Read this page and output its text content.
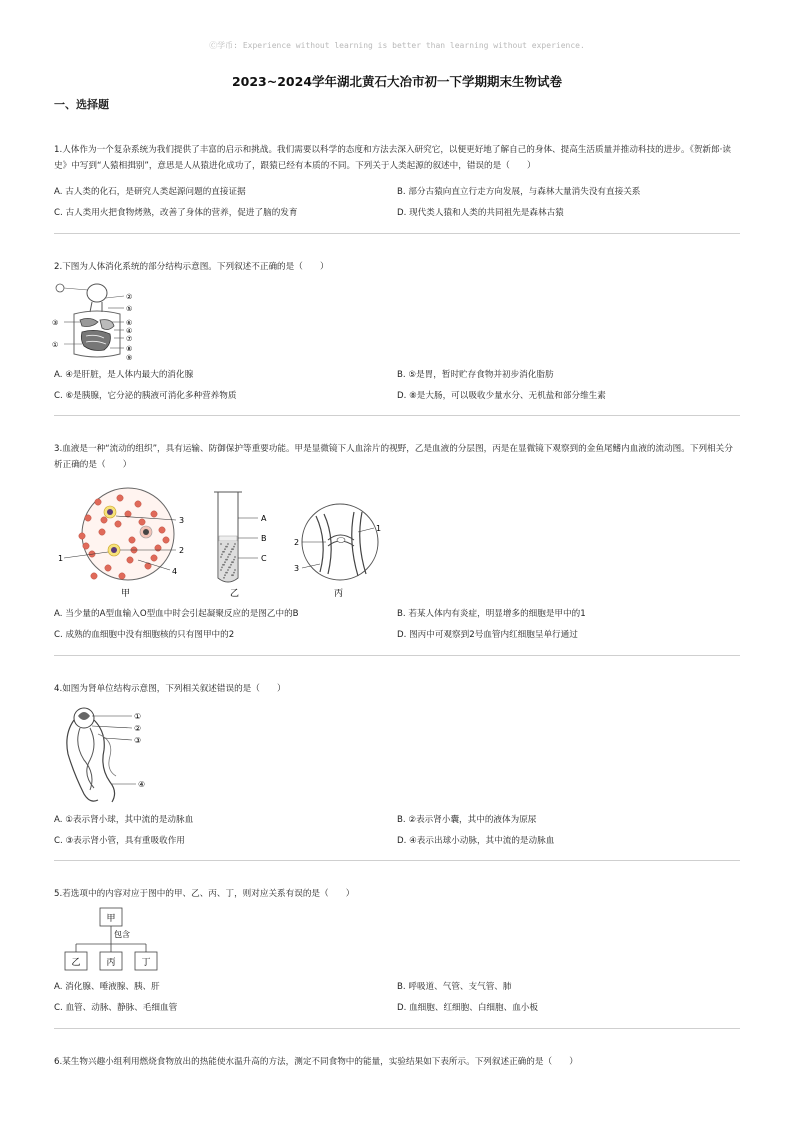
🄫学币: Experience without learning is better than learning without experience.
2023~2024学年湖北黄石大冶市初一下学期期末生物试卷
一、选择题

1.人体作为一个复杂系统为我们提供了丰富的启示和挑战。我们需要以科学的态度和方法去深入研究它，以便更好地了解自己的身体、提高生活质量并推动科技的进步。《贺新郎·读史》中写到“人猿相揖别”，意思是人从猿进化成功了，跟猿已经有本质的不同。下列关于人类起源的叙述中，错误的是（　　）

A. 古人类的化石，是研究人类起源问题的直接证据	B. 部分古猿向直立行走方向发展，与森林大量消失没有直接关系
C. 古人类用火把食物烤熟，改善了身体的营养，促进了脑的发育	D. 现代类人猿和人类的共同祖先是森林古猿

2.下图为人体消化系统的部分结构示意图。下列叙述不正确的是（　　）

②
⑤
⑥
④
⑦
⑧
③
①
⑨
A. ④是肝脏，是人体内最大的消化腺	B. ⑤是胃，暂时贮存食物并初步消化脂肪
C. ⑥是胰腺，它分泌的胰液可消化多种营养物质	D. ⑧是大肠，可以吸收少量水分、无机盐和部分维生素

3.血液是一种“流动的组织”，具有运输、防御保护等重要功能。甲是显微镜下人血涂片的视野，乙是血液的分层图，丙是在显微镜下观察到的金鱼尾鳍内血液的流动图。下列相关分析正确的是（　　）

1
2
3
4
甲
A
B
C
乙
1
2
3
丙
A. 当少量的A型血输入O型血中时会引起凝聚反应的是图乙中的B	B. 若某人体内有炎症，明显增多的细胞是甲中的1
C. 成熟的血细胞中没有细胞核的只有图甲中的2	D. 图丙中可观察到2号血管内红细胞呈单行通过

4.如图为肾单位结构示意图，下列相关叙述错误的是（　　）

①
②
③
④
A. ①表示肾小球，其中流的是动脉血	B. ②表示肾小囊，其中的液体为原尿
C. ③表示肾小管，具有重吸收作用	D. ④表示出球小动脉，其中流的是动脉血

5.若选项中的内容对应于图中的甲、乙、丙、丁，则对应关系有误的是（　　）

甲
包含
乙	丙	丁
A. 消化腺、唾液腺、胰、肝	B. 呼吸道、气管、支气管、肺
C. 血管、动脉、静脉、毛细血管	D. 血细胞、红细胞、白细胞、血小板

6.某生物兴趣小组利用燃烧食物放出的热能使水温升高的方法，测定不同食物中的能量，实验结果如下表所示。下列叙述正确的是（　　）
